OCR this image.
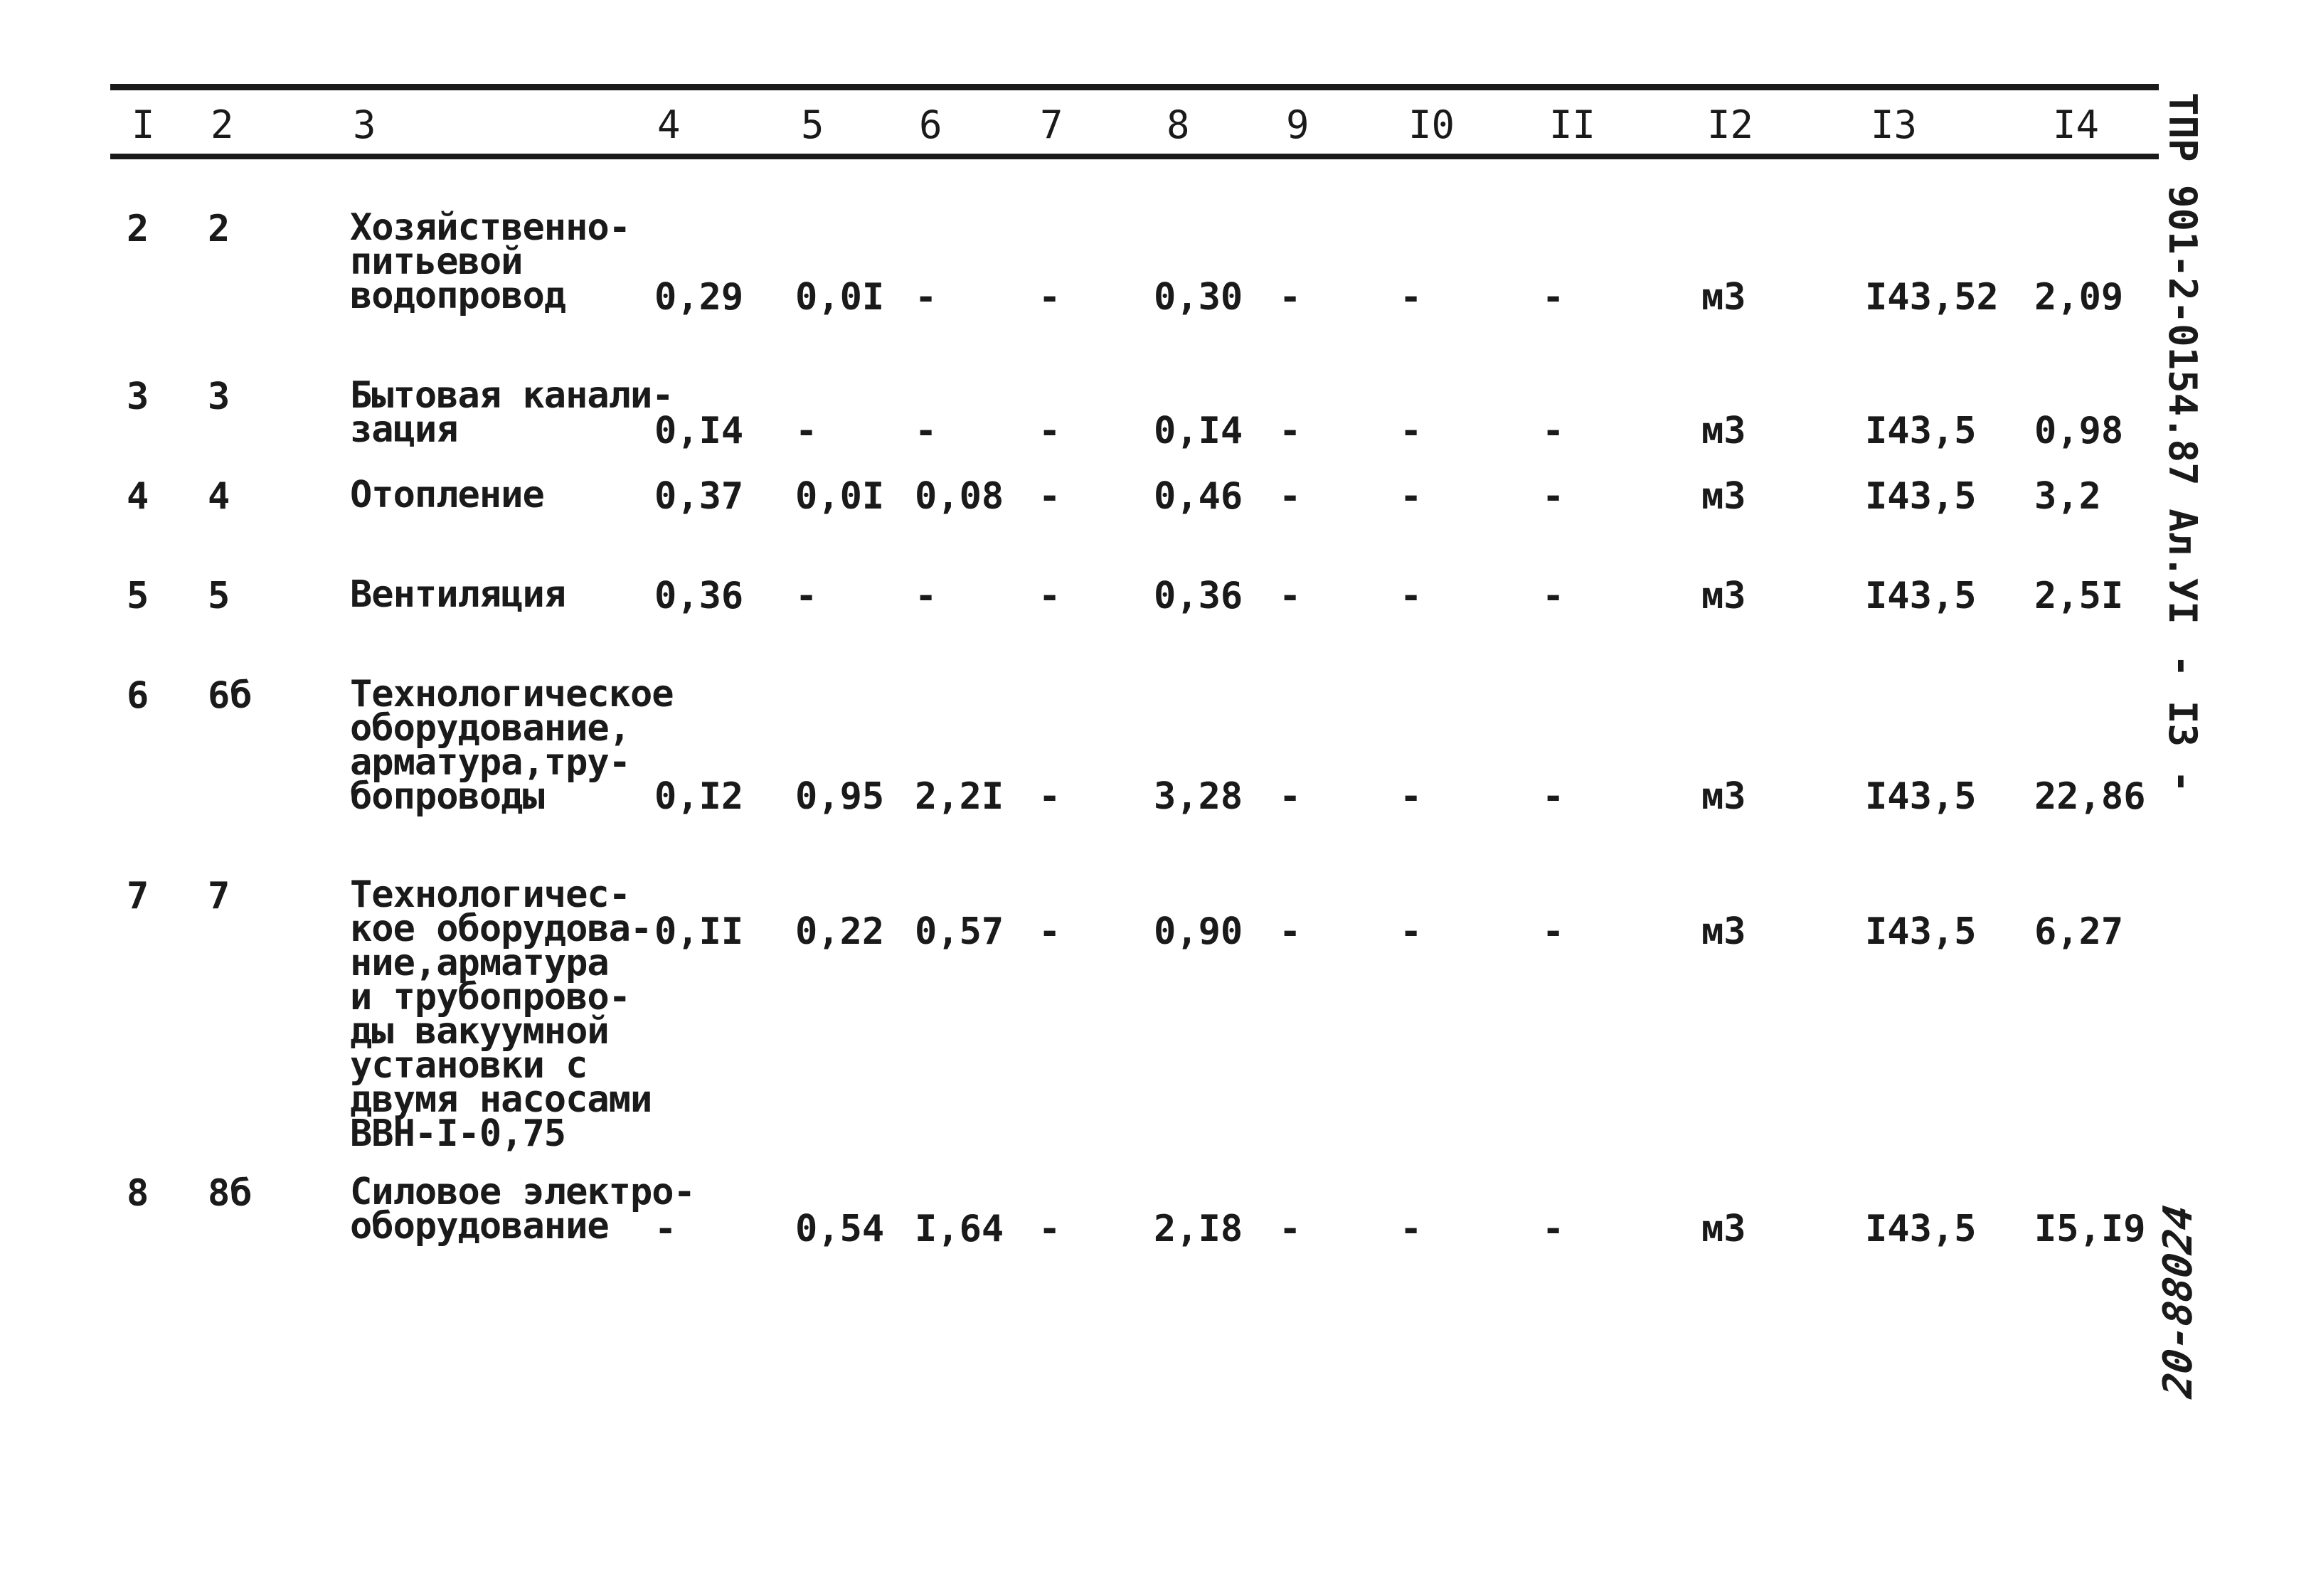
I 2	3	4	5 6	7	8	9	I0 II	I2	I3	I4
2 2	Хозяйственно-
питьевой
водопровод	0,29 0,0I -	-	0,30 -	-	-	м3	I43,52 2,09
3 3	Бытовая канали-
зация	0,I4 -	-	-	0,I4 -	-	-	м3	I43,5 0,98
4 4	Отопление	0,37 0,0I 0,08 -	0,46 -	-	-	м3	I43,5 3,2
5 5	Вентиляция 0,36 -	-	-	0,36 -	-	-	м3	I43,5 2,5I
6 6б	Технологическое
оборудование,
арматура,тру-
бопроводы	0,I2 0,95 2,2I -	3,28 -	-	-	м3	I43,5 22,86
7 7	Технологичес-
кое оборудова-
ние,арматура
и трубопрово-
ды вакуумной
установки с
двумя насосами
ВВН-I-0,75
0,II 0,22 0,57 -	0,90 -	-	-	м3	I43,5 6,27
8 8б	Силовое электро-
оборудование	-	0,54 I,64 -	2,I8 -	-	-	м3	I43,5 I5,I9
ТПР 901-2-0154.87 Ал.УI
- I3 -
20-88024
